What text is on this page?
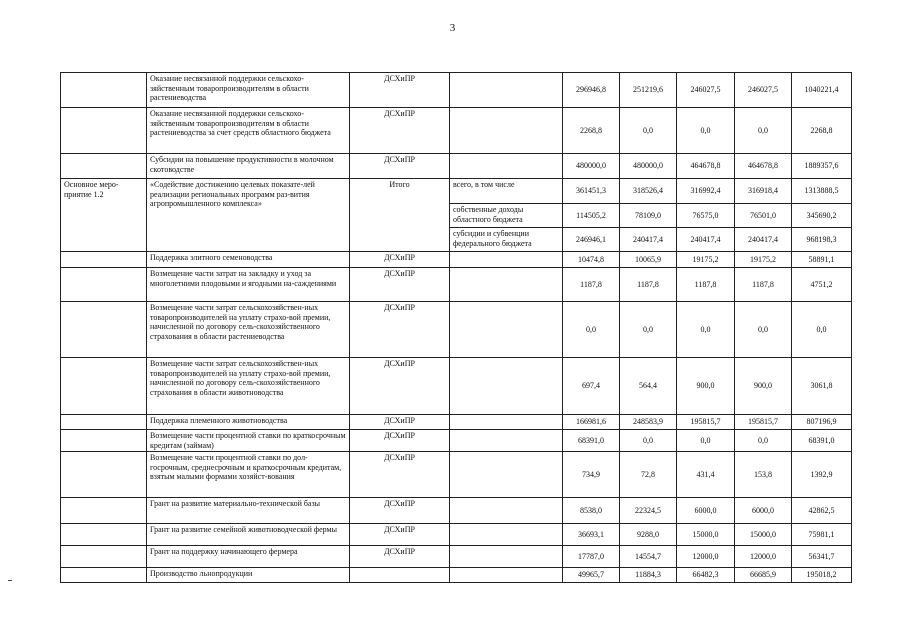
3
	Оказание несвязанной поддержки сельскохо-зяйственным товаропроизводителям в области растениеводства	ДСХиПР		296946,8	251219,6	246027,5	246027,5	1040221,4
	Оказание несвязанной поддержки сельскохо-зяйственным товаропроизводителям в области растениеводства за счет средств областного бюджета	ДСХиПР		2268,8	0,0	0,0	0,0	2268,8
	Субсидии на повышение продуктивности в молочном скотоводстве	ДСХиПР		480000,0	480000,0	464678,8	464678,8	1889357,6
Основное меро-приятие 1.2	«Содействие достижению целевых показате-лей реализации региональных программ раз-вития агропромышленного комплекса»	Итого	всего, в том числе	361451,3	318526,4	316992,4	316918,4	1313888,5
			собственные доходы областного бюджета	114505,2	78109,0	76575,0	76501,0	345690,2
			субсидии и субвенции федерального бюджета	246946,1	240417,4	240417,4	240417,4	968198,3
	Поддержка элитного семеноводства	ДСХиПР		10474,8	10065,9	19175,2	19175,2	58891,1
	Возмещение части затрат на закладку и уход за многолетними плодовыми и ягодными на-саждениями	ДСХиПР		1187,8	1187,8	1187,8	1187,8	4751,2
	Возмещение части затрат сельскохозяйствен-ных товаропроизводителей на уплату страхо-вой премии, начисленной по договору сель-скохозяйственного страхования в области растениеводства	ДСХиПР		0,0	0,0	0,0	0,0	0,0
	Возмещение части затрат сельскохозяйствен-ных товаропроизводителей на уплату страхо-вой премии, начисленной по договору сель-скохозяйственного страхования в области животноводства	ДСХиПР		697,4	564,4	900,0	900,0	3061,8
	Поддержка племенного животноводства	ДСХиПР		166981,6	248583,9	195815,7	195815,7	807196,9
	Возмещение части процентной ставки по краткосрочным кредитам (займам)	ДСХиПР		68391,0	0,0	0,0	0,0	68391,0
	Возмещение части процентной ставки по дол-госрочным, среднесрочным и краткосрочным кредитам, взятым малыми формами хозяйст-вования	ДСХиПР		734,9	72,8	431,4	153,8	1392,9
	Грант на развитие материально-технической базы	ДСХиПР		8538,0	22324,5	6000,0	6000,0	42862,5
	Грант на развитие семейной животноводческой фермы	ДСХиПР		36693,1	9288,0	15000,0	15000,0	75981,1
	Грант на поддержку начинающего фермера	ДСХиПР		17787,0	14554,7	12000,0	12000,0	56341,7
	Производство льнопродукции			49965,7	11884,3	66482,3	66685,9	195018,2
